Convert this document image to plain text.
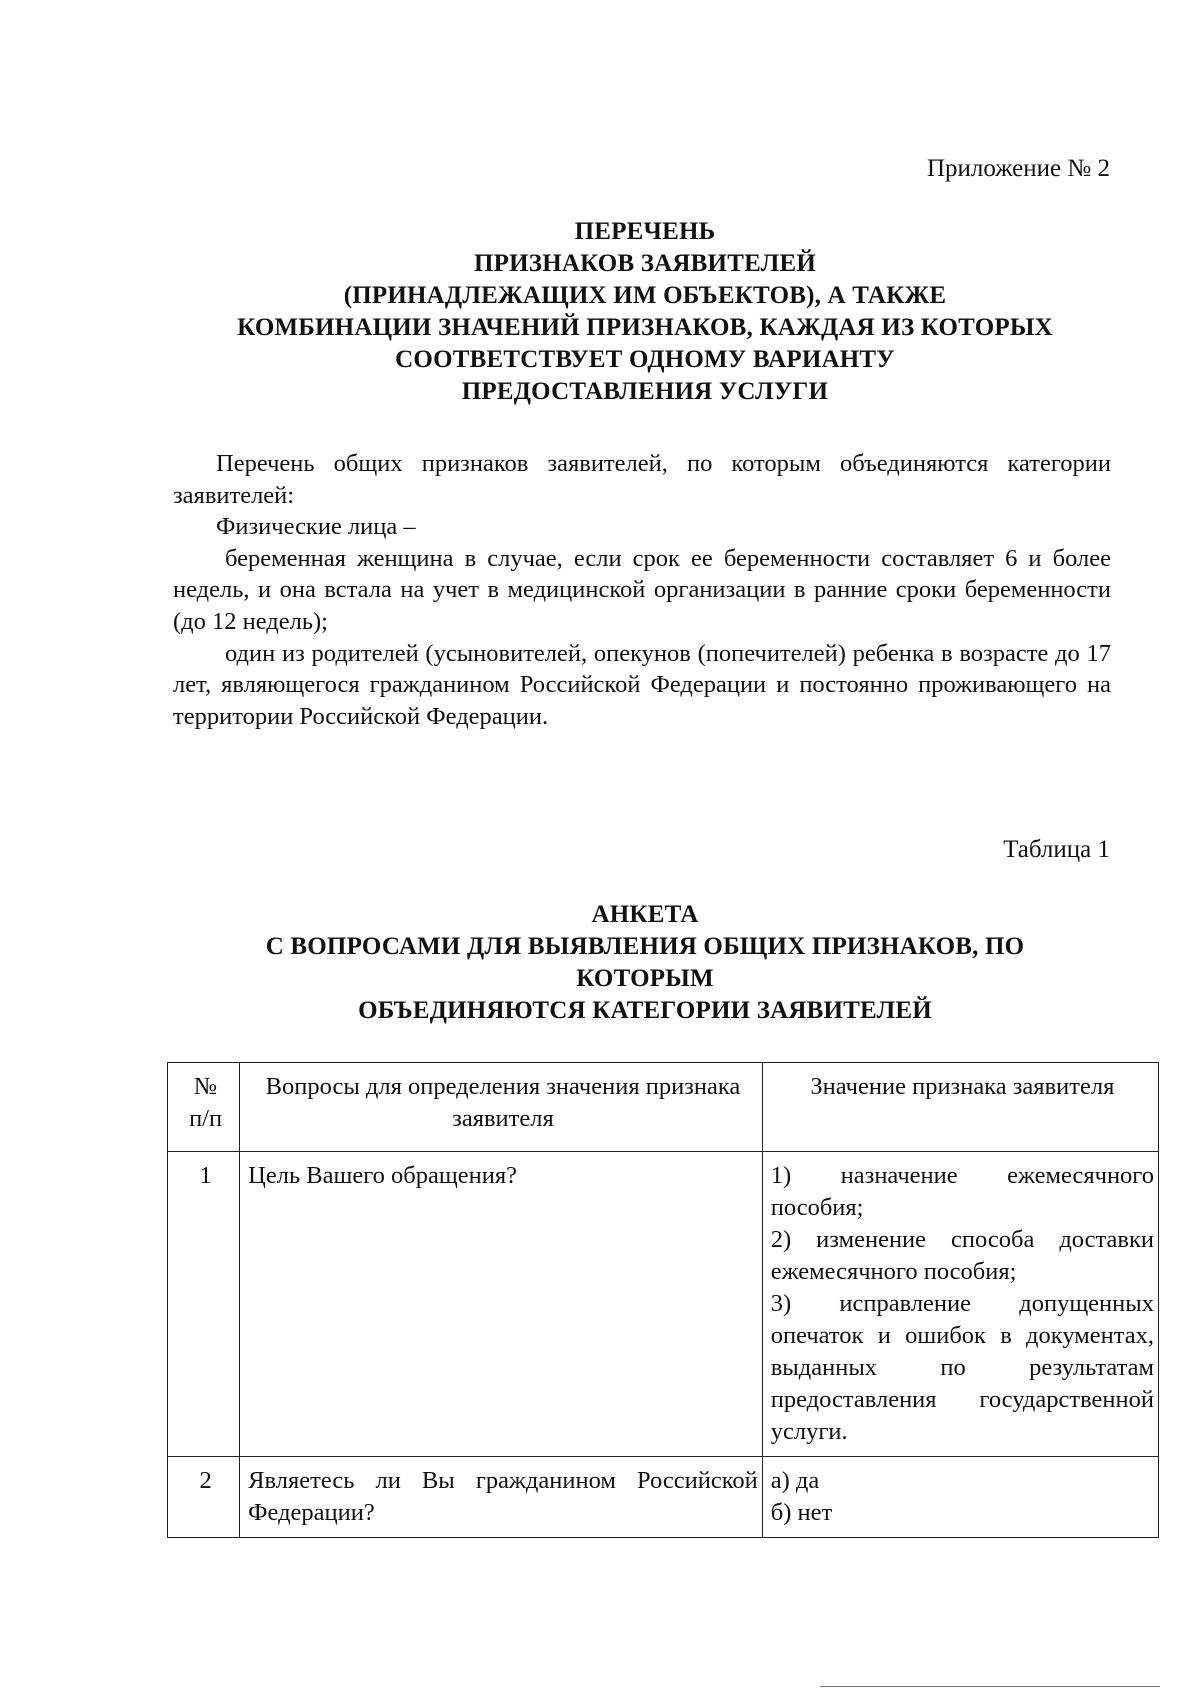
Приложение № 2
ПЕРЕЧЕНЬ
ПРИЗНАКОВ ЗАЯВИТЕЛЕЙ
(ПРИНАДЛЕЖАЩИХ ИМ ОБЪЕКТОВ), А ТАКЖЕ
КОМБИНАЦИИ ЗНАЧЕНИЙ ПРИЗНАКОВ, КАЖДАЯ ИЗ КОТОРЫХ
СООТВЕТСТВУЕТ ОДНОМУ ВАРИАНТУ
ПРЕДОСТАВЛЕНИЯ УСЛУГИ

Перечень общих признаков заявителей, по которым объединяются категории заявителей:

Физические лица –

беременная женщина в случае, если срок ее беременности составляет 6 и более недель, и она встала на учет в медицинской организации в ранние сроки беременности (до 12 недель);

один из родителей (усыновителей, опекунов (попечителей) ребенка в возрасте до 17 лет, являющегося гражданином Российской Федерации и постоянно проживающего на территории Российской Федерации.

Таблица 1
АНКЕТА
С ВОПРОСАМИ ДЛЯ ВЫЯВЛЕНИЯ ОБЩИХ ПРИЗНАКОВ, ПО
КОТОРЫМ
ОБЪЕДИНЯЮТСЯ КАТЕГОРИИ ЗАЯВИТЕЛЕЙ
№
п/п	Вопросы для определения значения признака заявителя	Значение признака заявителя
1	Цель Вашего обращения?	1) назначение ежемесячного пособия;
2) изменение способа доставки ежемесячного пособия;
3) исправление допущенных опечаток и ошибок в документах, выданных по результатам предоставления государственной услуги.

2	Являетесь ли Вы гражданином Российской Федерации?	а) да
б) нет
